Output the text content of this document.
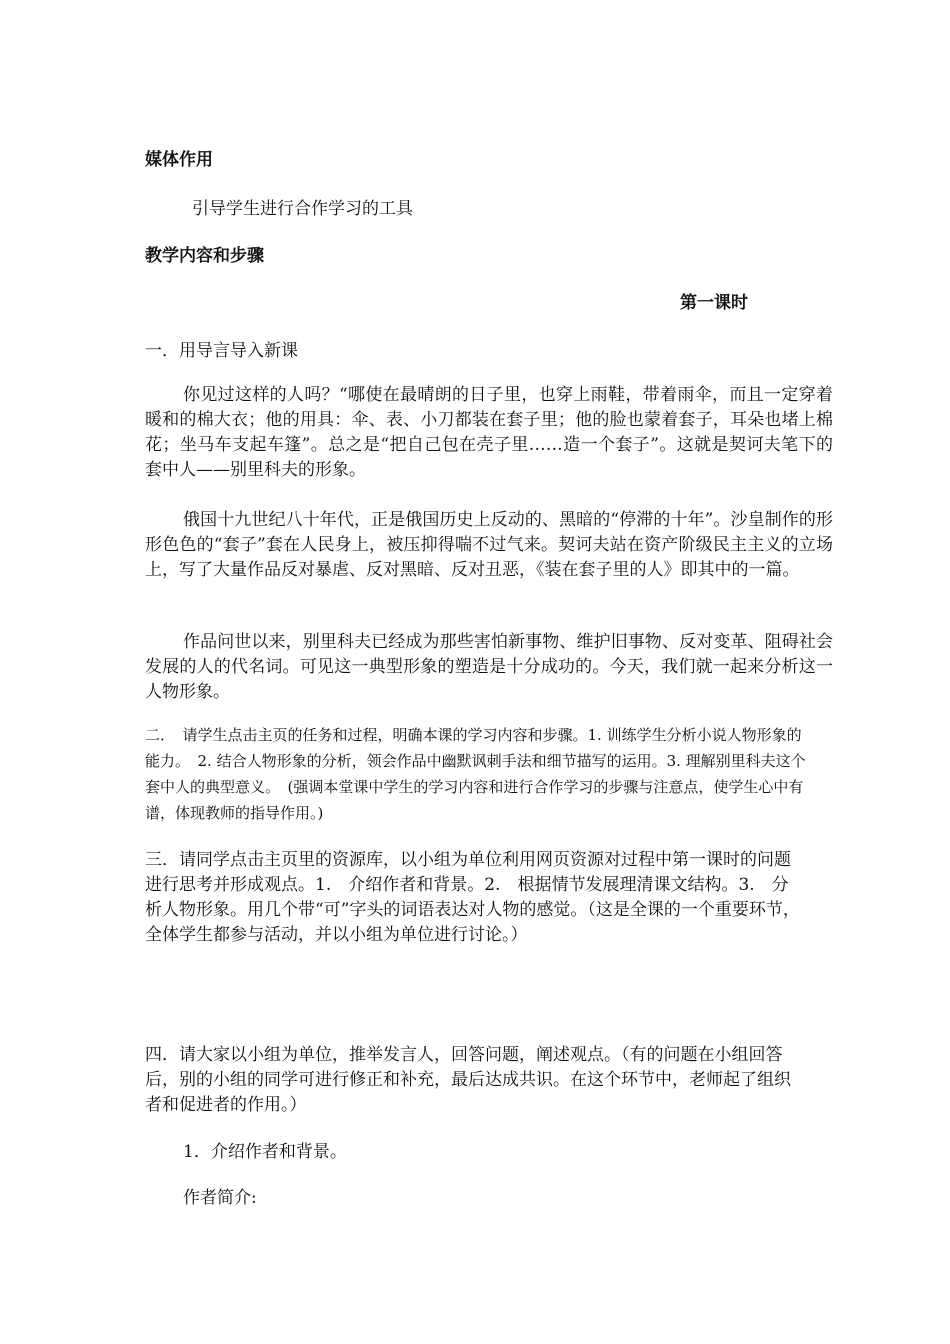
媒体作用
引导学生进行合作学习的工具
教学内容和步骤
第一课时
一．用导言导入新课

你见过这样的人吗？“哪使在最晴朗的日子里，也穿上雨鞋，带着雨伞，而且一定穿着暖和的棉大衣；他的用具：伞、表、小刀都装在套子里；他的脸也蒙着套子，耳朵也堵上棉花；坐马车支起车篷”。总之是“把自己包在壳子里……造一个套子”。这就是契诃夫笔下的套中人——别里科夫的形象。

俄国十九世纪八十年代，正是俄国历史上反动的、黑暗的“停滞的十年”。沙皇制作的形形色色的“套子”套在人民身上，被压抑得喘不过气来。契诃夫站在资产阶级民主主义的立场上，写了大量作品反对暴虐、反对黑暗、反对丑恶，《装在套子里的人》即其中的一篇。

作品问世以来，别里科夫已经成为那些害怕新事物、维护旧事物、反对变革、阻碍社会发展的人的代名词。可见这一典型形象的塑造是十分成功的。今天，我们就一起来分析这一人物形象。

二．　请学生点击主页的任务和过程，明确本课的学习内容和步骤。1. 训练学生分析小说人物形象的能力。　2. 结合人物形象的分析，领会作品中幽默讽刺手法和细节描写的运用。3. 理解别里科夫这个套中人的典型意义。　(强调本堂课中学生的学习内容和进行合作学习的步骤与注意点，使学生心中有谱，体现教师的指导作用。)

三．请同学点击主页里的资源库，以小组为单位利用网页资源对过程中第一课时的问题进行思考并形成观点。1.　介绍作者和背景。2.　根据情节发展理清课文结构。3.　分析人物形象。用几个带“可”字头的词语表达对人物的感觉。（这是全课的一个重要环节，全体学生都参与活动，并以小组为单位进行讨论。）

四．请大家以小组为单位，推举发言人，回答问题，阐述观点。（有的问题在小组回答后，别的小组的同学可进行修正和补充，最后达成共识。在这个环节中，老师起了组织者和促进者的作用。）

1．介绍作者和背景。
作者简介:
